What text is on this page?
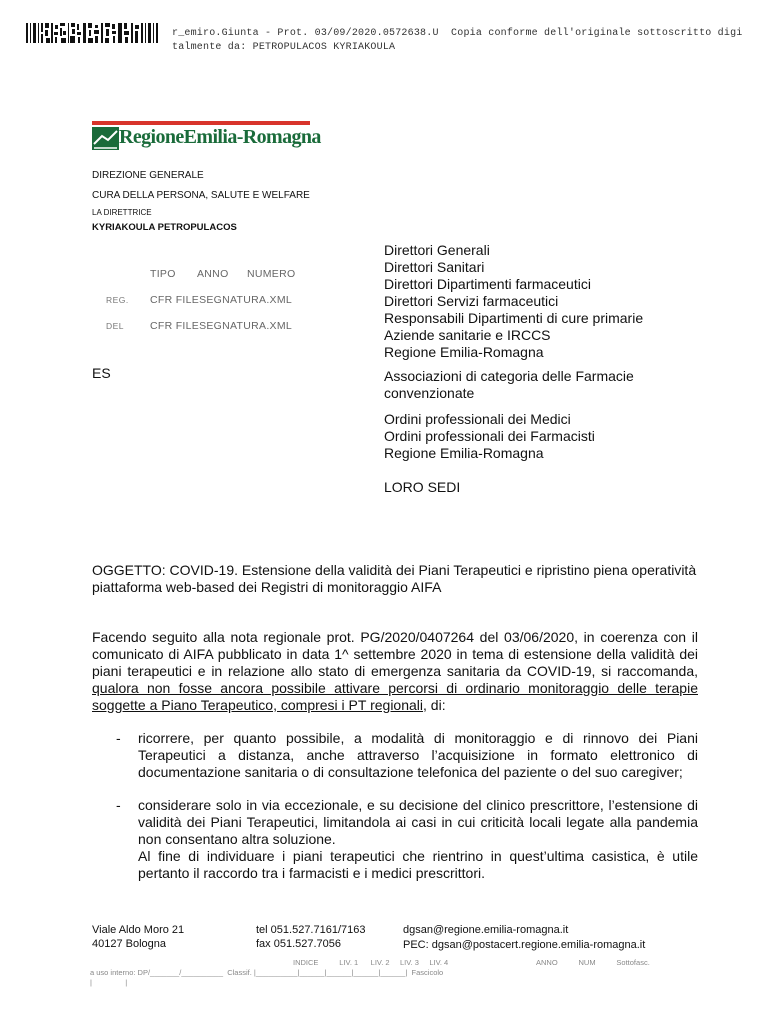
r_emiro.Giunta - Prot. 03/09/2020.0572638.U  Copia conforme dell'originale sottoscritto digi
talmente da: PETROPULACOS KYRIAKOULA
RegioneEmilia-Romagna
DIREZIONE GENERALE
CURA DELLA PERSONA, SALUTE E WELFARE
LA DIRETTRICE
KYRIAKOULA PETROPULACOS
TIPO ANNO NUMERO
REG. CFR FILESEGNATURA.XML
DEL CFR FILESEGNATURA.XML
ES
Direttori Generali
Direttori Sanitari
Direttori Dipartimenti farmaceutici
Direttori Servizi farmaceutici
Responsabili Dipartimenti di cure primarie
Aziende sanitarie e IRCCS
Regione Emilia-Romagna
Associazioni di categoria delle Farmacie
convenzionate
Ordini professionali dei Medici
Ordini professionali dei Farmacisti
Regione Emilia-Romagna
LORO SEDI
OGGETTO: COVID-19. Estensione della validità dei Piani Terapeutici e ripristino piena operatività piattaforma web-based dei Registri di monitoraggio AIFA
Facendo seguito alla nota regionale prot. PG/2020/0407264 del 03/06/2020, in coerenza con il comunicato di AIFA pubblicato in data 1^ settembre 2020 in tema di estensione della validità dei piani terapeutici e in relazione allo stato di emergenza sanitaria da COVID-19, si raccomanda, qualora non fosse ancora possibile attivare percorsi di ordinario monitoraggio delle terapie soggette a Piano Terapeutico, compresi i PT regionali, di:
- ricorrere, per quanto possibile, a modalità di monitoraggio e di rinnovo dei Piani Terapeutici a distanza, anche attraverso l’acquisizione in formato elettronico di documentazione sanitaria o di consultazione telefonica del paziente o del suo caregiver;
- considerare solo in via eccezionale, e su decisione del clinico prescrittore, l’estensione di validità dei Piani Terapeutici, limitandola ai casi in cui criticità locali legate alla pandemia non consentano altra soluzione.
Al fine di individuare i piani terapeutici che rientrino in quest’ultima casistica, è utile pertanto il raccordo tra i farmacisti e i medici prescrittori.
Viale Aldo Moro 21
40127 Bologna
tel 051.527.7161/7163
fax 051.527.7056
dgsan@regione.emilia-romagna.it
PEC: dgsan@postacert.regione.emilia-romagna.it
INDICE          LIV. 1      LIV. 2     LIV. 3     LIV. 4	ANNO          NUM          Sottofasc.
a uso interno: DP/_______/__________  Classif. |__________|______|______|______|______|  Fascicolo
|                |
